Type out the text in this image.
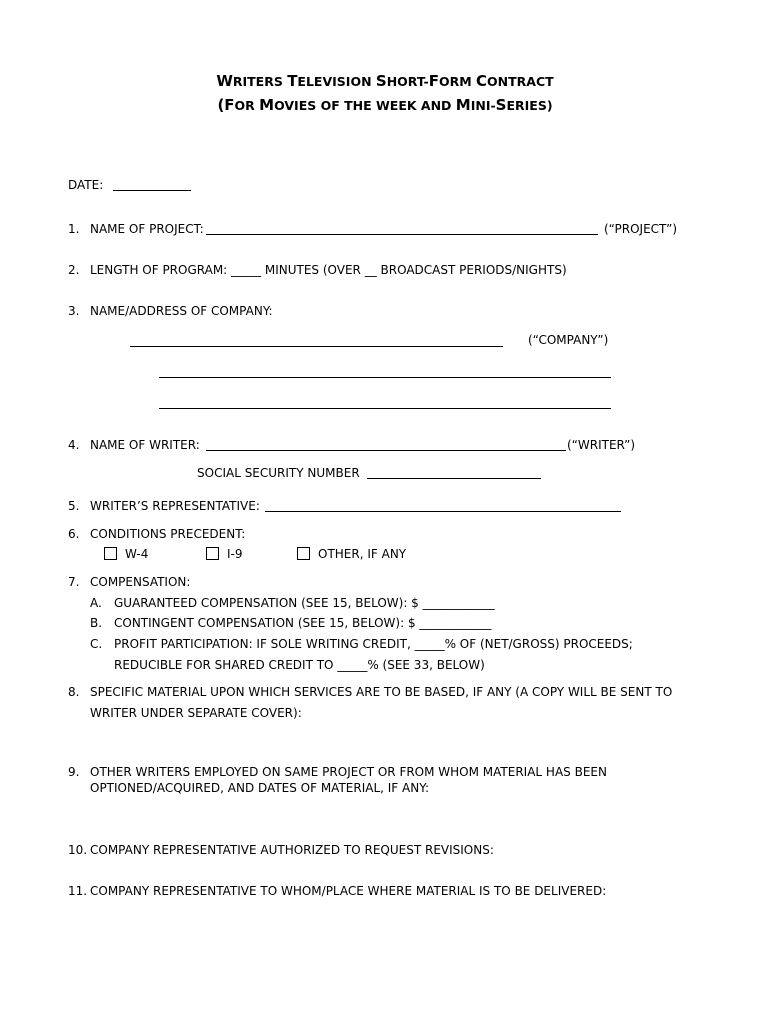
WRITERS TELEVISION SHORT-FORM CONTRACT
(FOR MOVIES OF THE WEEK AND MINI-SERIES)
DATE:
1. NAME OF PROJECT:	(“PROJECT”)
2. LENGTH OF PROGRAM: _____ MINUTES (OVER __ BROADCAST PERIODS/NIGHTS)
3. NAME/ADDRESS OF COMPANY:
(“COMPANY”)
4. NAME OF WRITER:	(“WRITER”)
SOCIAL SECURITY NUMBER
5. WRITER’S REPRESENTATIVE:
6. CONDITIONS PRECEDENT:
W-4	I-9	OTHER, IF ANY
7. COMPENSATION:
A. GUARANTEED COMPENSATION (SEE 15, BELOW): $ ____________
B. CONTINGENT COMPENSATION (SEE 15, BELOW): $ ____________
C. PROFIT PARTICIPATION: IF SOLE WRITING CREDIT, _____% OF (NET/GROSS) PROCEEDS;
REDUCIBLE FOR SHARED CREDIT TO _____% (SEE 33, BELOW)
8. SPECIFIC MATERIAL UPON WHICH SERVICES ARE TO BE BASED, IF ANY (A COPY WILL BE SENT TO
WRITER UNDER SEPARATE COVER):
9. OTHER WRITERS EMPLOYED ON SAME PROJECT OR FROM WHOM MATERIAL HAS BEEN
OPTIONED/ACQUIRED, AND DATES OF MATERIAL, IF ANY:
10. COMPANY REPRESENTATIVE AUTHORIZED TO REQUEST REVISIONS:
11. COMPANY REPRESENTATIVE TO WHOM/PLACE WHERE MATERIAL IS TO BE DELIVERED:
